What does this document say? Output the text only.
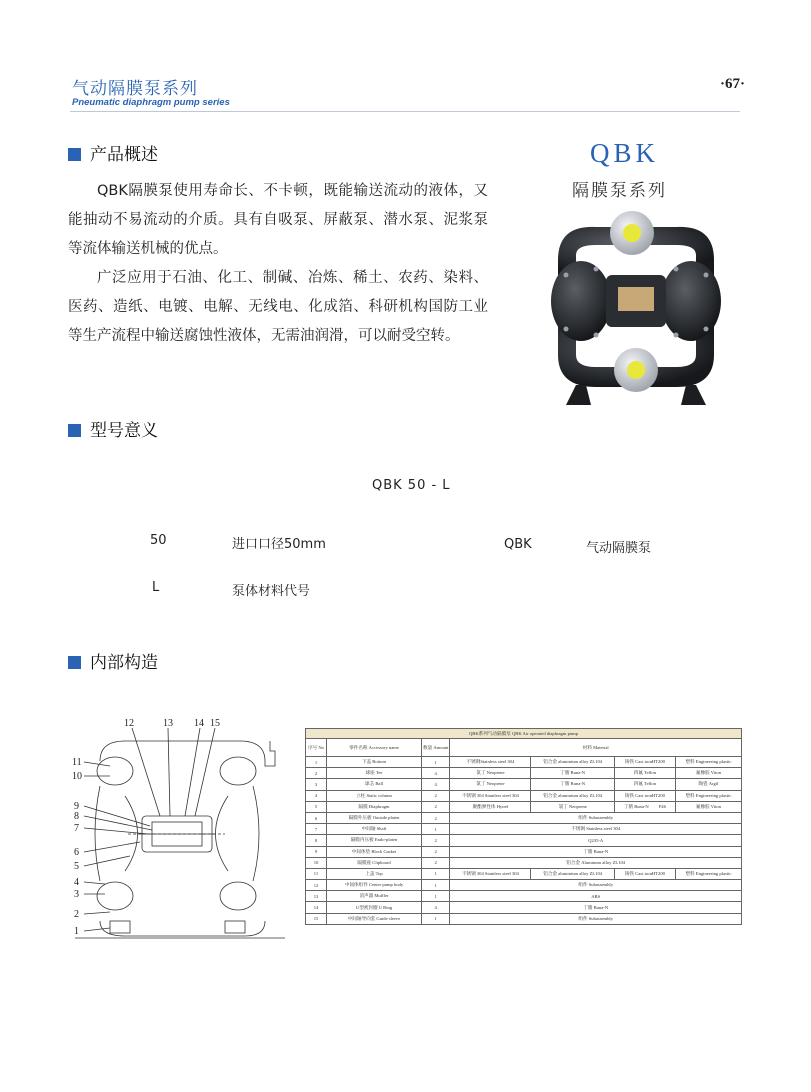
气动隔膜泵系列
Pneumatic diaphragm pump series
·67·
产品概述

QBK隔膜泵使用寿命长、不卡顿，既能输送流动的液体，又能抽动不易流动的介质。具有自吸泵、屏蔽泵、潜水泵、泥浆泵等流体输送机械的优点。

广泛应用于石油、化工、制碱、冶炼、稀土、农药、染料、医药、造纸、电镀、电解、无线电、化成箔、科研机构国防工业等生产流程中输送腐蚀性液体，无需油润滑，可以耐受空转。

QBK
隔膜泵系列
型号意义
QBK 50 - L
50	进口口径50mm	QBK	气动隔膜泵
L	泵体材料代号
内部构造
12	13 14 15
11
10
9
8
7
6
5
4
3
2
1
QBK系列气动隔膜泵 QBK Air operated diaphragm pump						
序号 No	零件名称 Accessory name	数量 Amount	材料 Material			
1	下盖 Bottom	1	不锈钢Stainless steel 304	铝合金 aluminium alloy ZL104	铸铁 Cast ironHT200	塑料 Engineering plastic
2	球座 Tee	4	氯丁 Neoprene	丁腈 Buna-N	四氟 Teflon	氟橡胶 Viton
3	球芯 Ball	4	氯丁 Neoprene	丁腈 Buna-N	四氟 Teflon	陶瓷 Argil
4	立柱 Static column	2	不锈钢 304 Stainless steel 304	铝合金 aluminium alloy ZL104	铸铁 Cast ironHT200	塑料 Engineering plastic
5	隔膜 Diaphragm	2	聚酯弹性体 Hytrel	氯丁 Neoprene	丁腈 Buna-N F46	氟橡胶 Viton
6	隔膜外压板 Outside platen	2	组件 Subassembly			
7	中间轴 Shaft	1	不锈钢 Stainless steel 304			
8	隔膜内压板 Endo-platen	2	Q235-A			
9	中间体垫 Block Gasket	2	丁腈 Buna-N			
10	隔膜座 Clipboard	2	铝合金 Aluminum alloy ZL104			
11	上盖 Top	1	不锈钢 304 Stainless steel 304	铝合金 aluminium alloy ZL104	铸铁 Cast ironHT200	塑料 Engineering plastic
12	中间体组件 Center pump body	1	组件 Subassembly			
13	消声器 Muffler	1	ABS			
14	U型密封圈 U Ring	4	丁腈 Buna-N			
15	中间轴导向套 Guide sleeve	1	组件 Subassembly			
